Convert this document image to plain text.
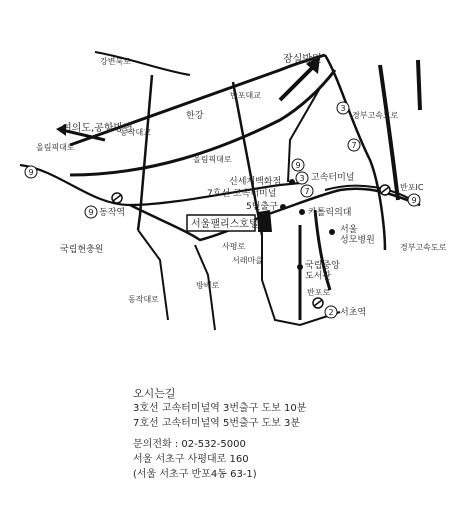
3
7
9
9
3
7
9
9
2
강변북로	잠실방면
한강
반포대교
여의도,공항방면
올림픽대로
동작대교
올림픽대로
신세계백화점	고속터미널
7호선 고속터미널
5번출구
동작역
서울팰리스호텔
카톨릭의대
서울 성모병원
국립현충원	사평로
서래마을
국립중앙 도서관
반포로
방배로
동작대로
반포IC
경부고속도로
경부고속도로
서초역
오시는길
3호선 고속터미널역 3번출구 도보 10분
7호선 고속터미널역 5번출구 도보 3분
문의전화 : 02-532-5000
서울 서초구 사평대로 160
(서울 서초구 반포4동 63-1)
